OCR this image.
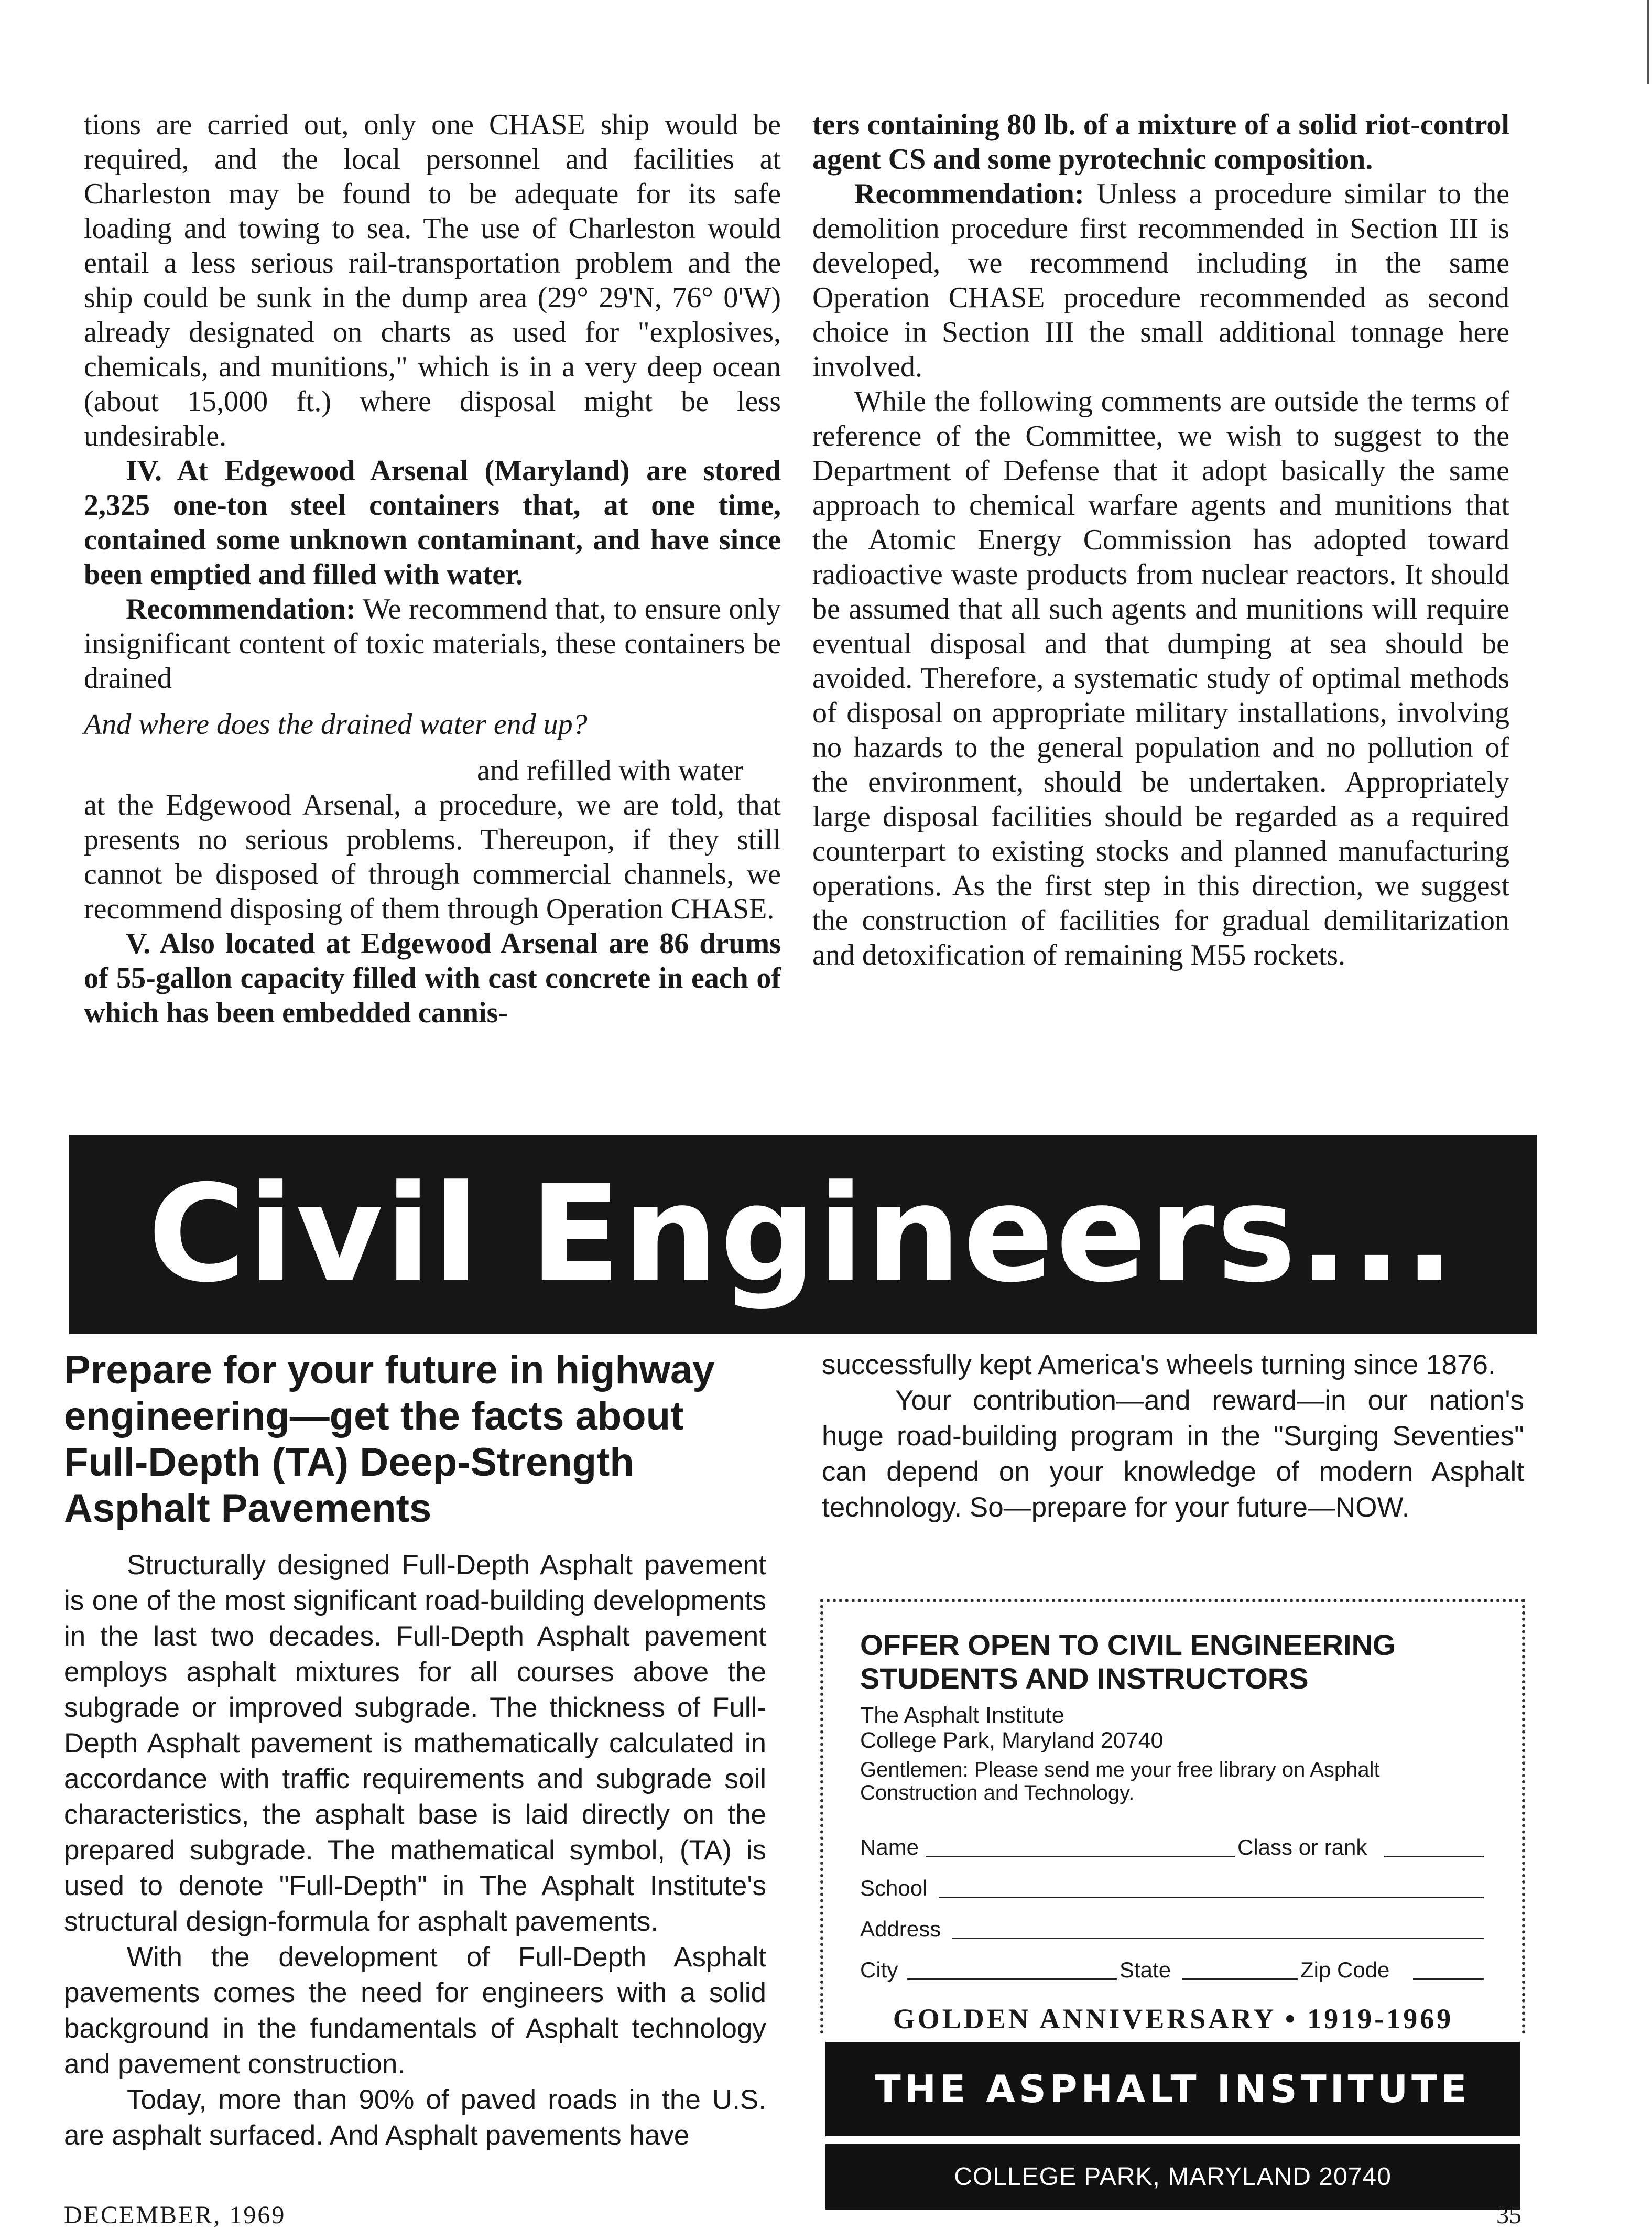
tions are carried out, only one CHASE ship would be required, and the local personnel and facilities at Charleston may be found to be adequate for its safe loading and towing to sea. The use of Charleston would entail a less serious rail-transportation problem and the ship could be sunk in the dump area (29° 29'N, 76° 0'W) already designated on charts as used for "explosives, chemicals, and munitions," which is in a very deep ocean (about 15,000 ft.) where disposal might be less undesirable.

IV. At Edgewood Arsenal (Maryland) are stored 2,325 one-ton steel containers that, at one time, contained some unknown contaminant, and have since been emptied and filled with water.

Recommendation: We recommend that, to ensure only insignificant content of toxic materials, these containers be drained

And where does the drained water end up?

and refilled with water

at the Edgewood Arsenal, a procedure, we are told, that presents no serious problems. Thereupon, if they still cannot be disposed of through commercial channels, we recommend disposing of them through Operation CHASE.

V. Also located at Edgewood Arsenal are 86 drums of 55-gallon capacity filled with cast concrete in each of which has been embedded cannis-

ters containing 80 lb. of a mixture of a solid riot-control agent CS and some pyrotechnic composition.

Recommendation: Unless a procedure similar to the demolition procedure first recommended in Section III is developed, we recommend including in the same Operation CHASE procedure recommended as second choice in Section III the small additional tonnage here involved.

While the following comments are outside the terms of reference of the Committee, we wish to suggest to the Department of Defense that it adopt basically the same approach to chemical warfare agents and munitions that the Atomic Energy Commission has adopted toward radioactive waste products from nuclear reactors. It should be assumed that all such agents and munitions will require eventual disposal and that dumping at sea should be avoided. Therefore, a systematic study of optimal methods of disposal on appropriate military installations, involving no hazards to the general population and no pollution of the environment, should be undertaken. Appropriately large disposal facilities should be regarded as a required counterpart to existing stocks and planned manufacturing operations. As the first step in this direction, we suggest the construction of facilities for gradual demilitarization and detoxification of remaining M55 rockets.

Civil Engineers...

Prepare for your future in highway engineering—get the facts about Full-Depth (TA) Deep-Strength Asphalt Pavements

Structurally designed Full-Depth Asphalt pavement is one of the most significant road-building developments in the last two decades. Full-Depth Asphalt pavement employs asphalt mixtures for all courses above the subgrade or improved subgrade. The thickness of Full-Depth Asphalt pavement is mathematically calculated in accordance with traffic requirements and subgrade soil characteristics, the asphalt base is laid directly on the prepared subgrade. The mathematical symbol, (TA) is used to denote "Full-Depth" in The Asphalt Institute's structural design-formula for asphalt pavements.

With the development of Full-Depth Asphalt pavements comes the need for engineers with a solid background in the fundamentals of Asphalt technology and pavement construction.

Today, more than 90% of paved roads in the U.S. are asphalt surfaced. And Asphalt pavements have

successfully kept America's wheels turning since 1876.

Your contribution—and reward—in our nation's huge road-building program in the "Surging Seventies" can depend on your knowledge of modern Asphalt technology. So—prepare for your future—NOW.

OFFER OPEN TO CIVIL ENGINEERING STUDENTS AND INSTRUCTORS

The Asphalt Institute

College Park, Maryland 20740

Gentlemen: Please send me your free library on Asphalt Construction and Technology.

Name	Class or rank
School
Address
City	State	Zip Code
GOLDEN ANNIVERSARY • 1919-1969
THE ASPHALT INSTITUTE
COLLEGE PARK, MARYLAND 20740
DECEMBER, 1969	35
